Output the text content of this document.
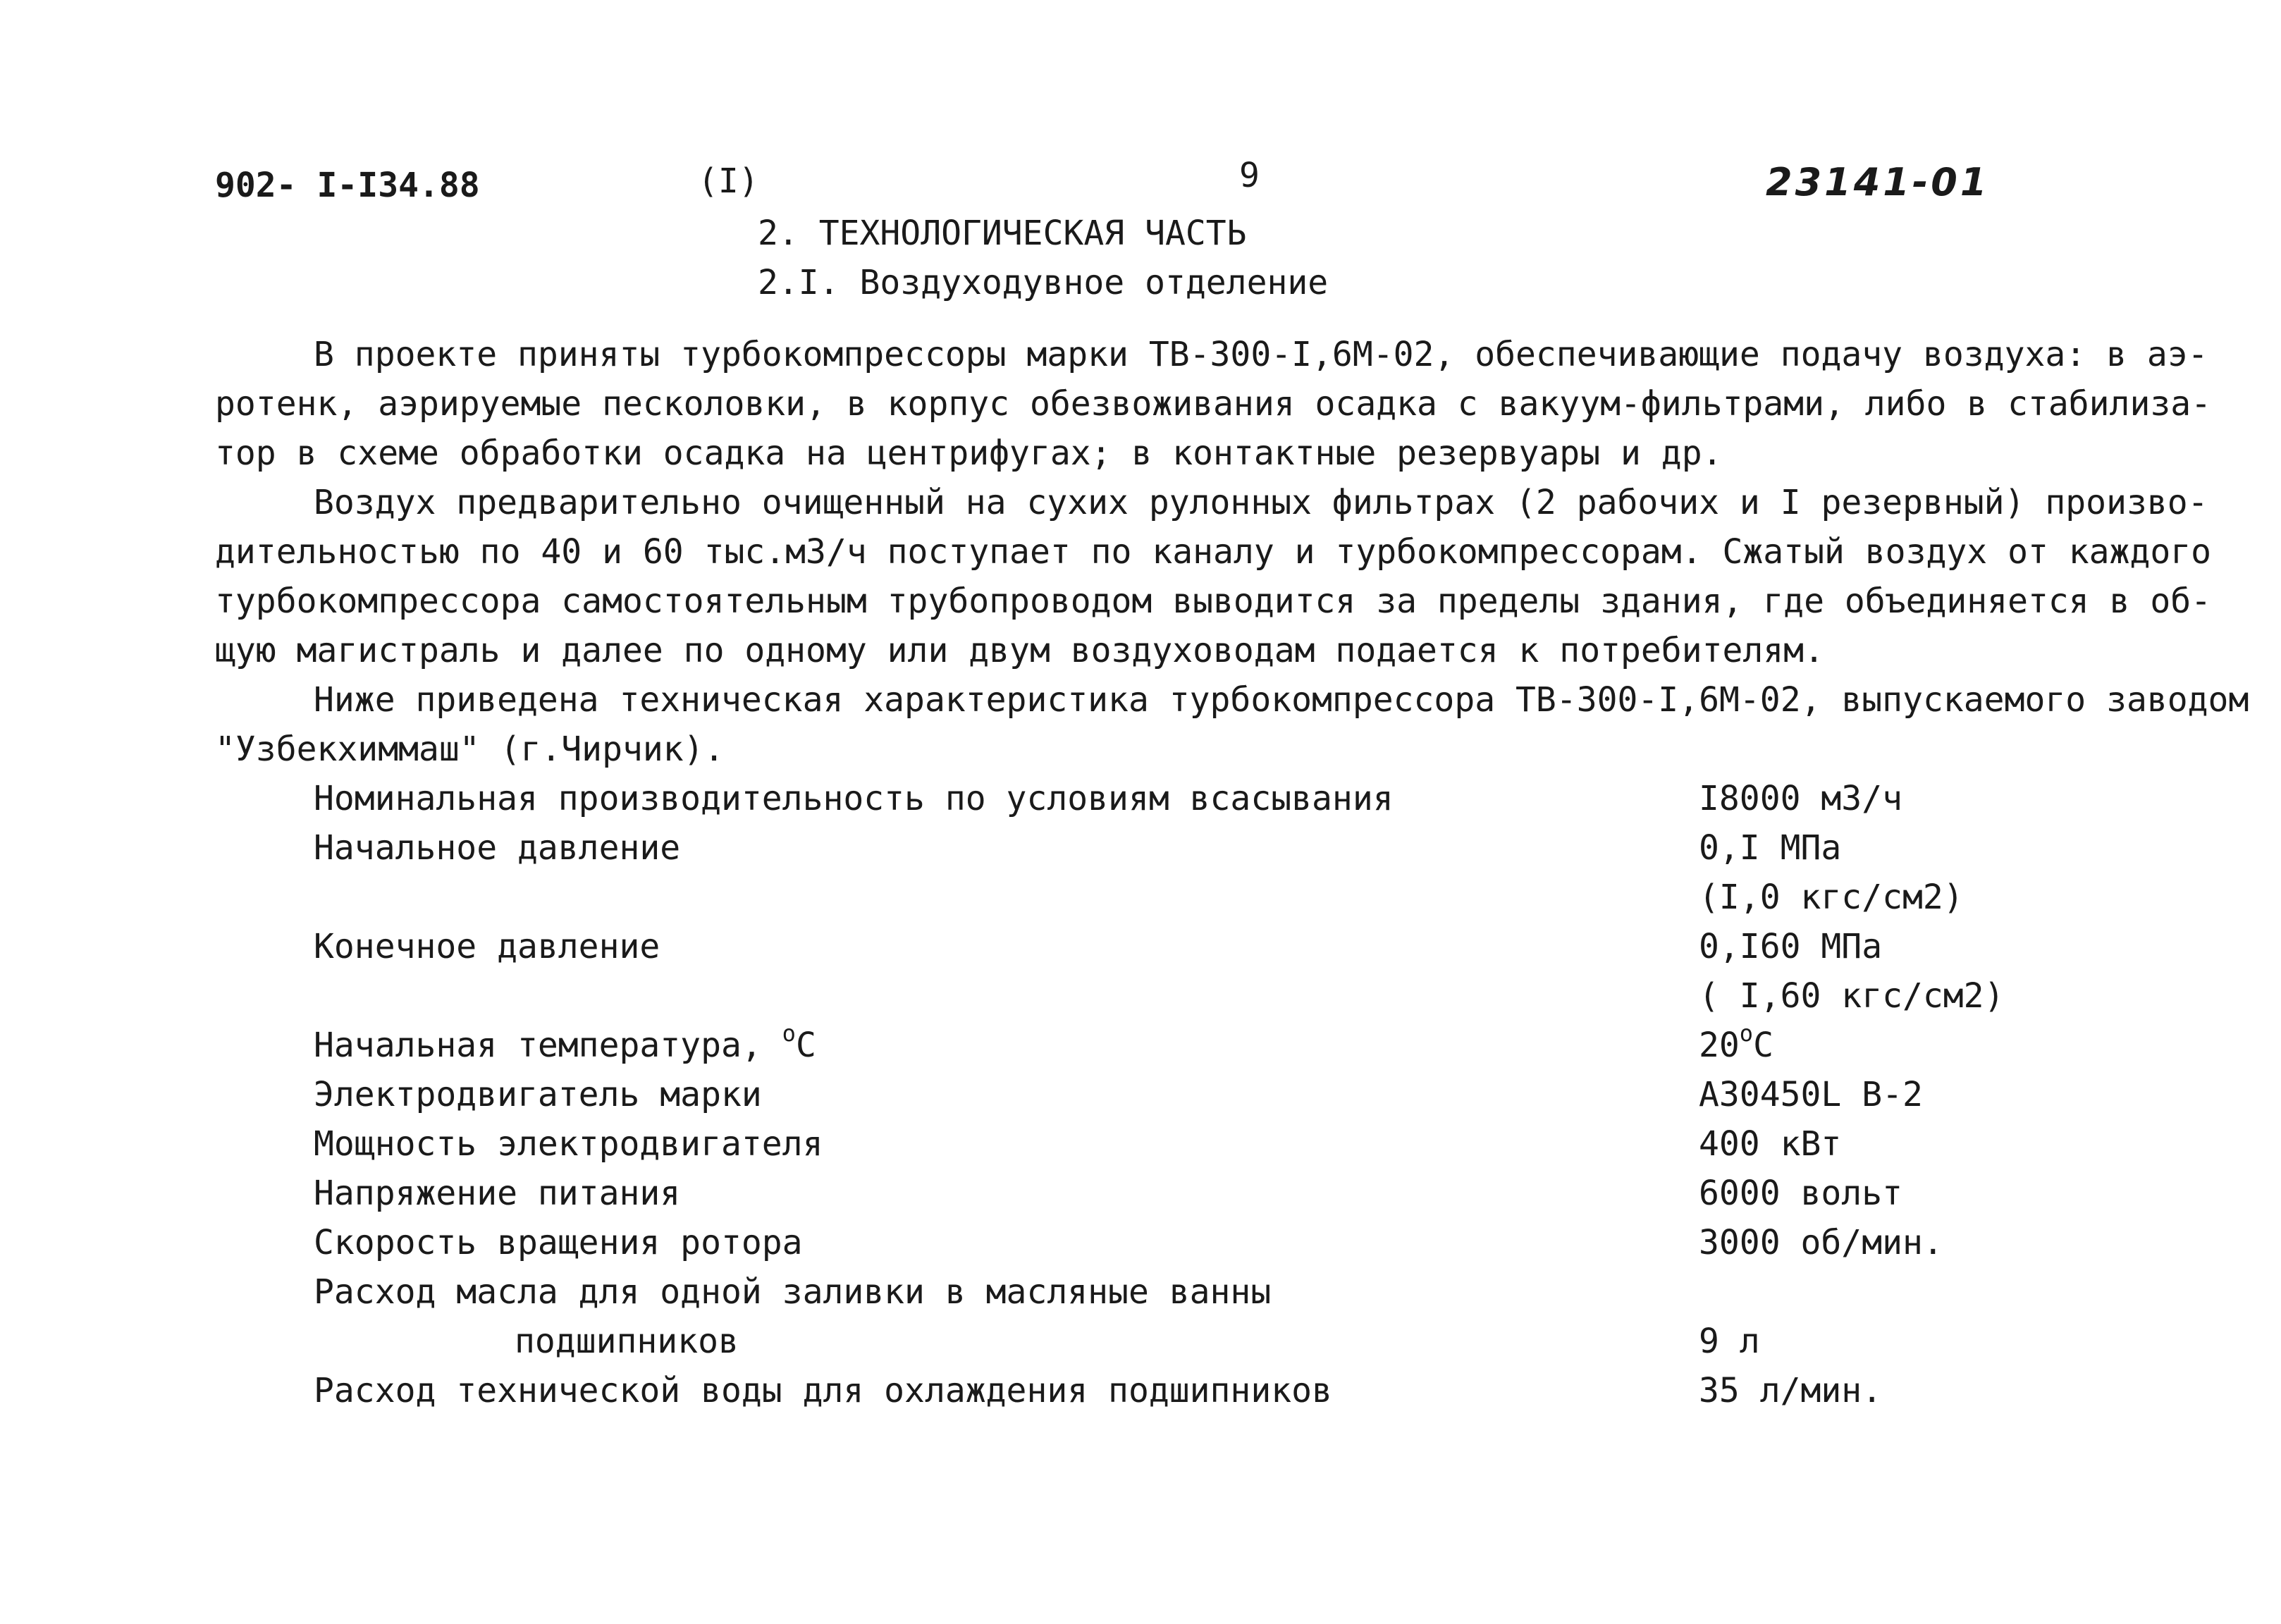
902- I-I34.88	(I)	9	23141-01
2. ТЕХНОЛОГИЧЕСКАЯ ЧАСТЬ
2.I. Воздуходувное отделение
В проекте приняты турбокомпрессоры марки ТВ-300-I,6М-02, обеспечивающие подачу воздуха: в аэ-
ротенк, аэрируемые песколовки, в корпус обезвоживания осадка с вакуум-фильтрами, либо в стабилиза-
тор в схеме обработки осадка на центрифугах; в контактные резервуары и др.
Воздух предварительно очищенный на сухих рулонных фильтрах (2 рабочих и I резервный) произво-
дительностью по 40 и 60 тыс.м3/ч поступает по каналу и турбокомпрессорам. Сжатый воздух от каждого
турбокомпрессора самостоятельным трубопроводом выводится за пределы здания, где объединяется в об-
щую магистраль и далее по одному или двум воздуховодам подается к потребителям.
Ниже приведена техническая характеристика турбокомпрессора ТВ-300-I,6М-02, выпускаемого заводом
"Узбекхиммаш" (г.Чирчик).
Номинальная производительность по условиям всасывания	I8000 м3/ч
Начальное давление	0,I МПа
(I,0 кгс/см2)
Конечное давление	0,I60 МПа
( I,60 кгс/см2)
Начальная температура, $^o$C	20$^o$C
Электродвигатель марки	А30450L В-2
Мощность электродвигателя	400 кВт
Напряжение питания	6000 вольт
Скорость вращения ротора	3000 об/мин.
Расход масла для одной заливки в масляные ванны
подшипников	9 л
Расход технической воды для охлаждения подшипников	35 л/мин.
